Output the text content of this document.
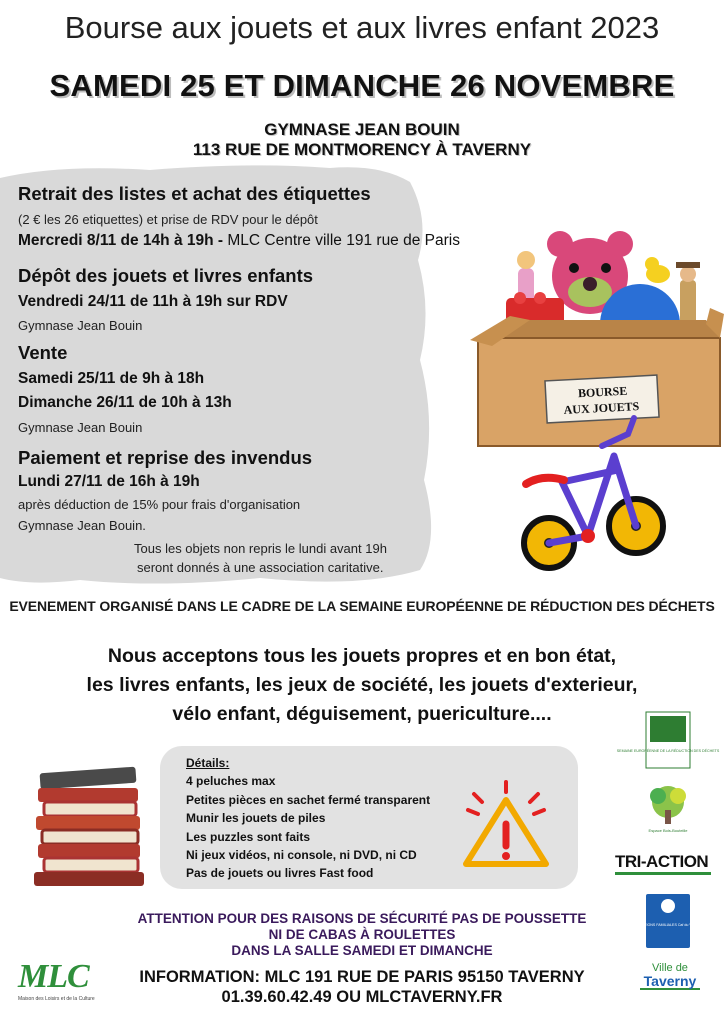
Bourse aux jouets et aux livres enfant 2023
SAMEDI 25 ET DIMANCHE 26 NOVEMBRE
GYMNASE JEAN BOUIN
113 RUE DE MONTMORENCY À TAVERNY
Retrait des listes et achat des étiquettes
(2 € les 26 etiquettes) et prise de RDV pour le dépôt
Mercredi 8/11 de 14h à 19h - MLC Centre ville 191 rue de Paris
Dépôt des jouets et livres enfants
Vendredi 24/11 de 11h à 19h sur RDV
Gymnase Jean Bouin
Vente
Samedi 25/11 de 9h à 18h
Dimanche 26/11 de 10h à 13h
Gymnase Jean Bouin
Paiement et reprise des invendus
Lundi 27/11 de 16h à 19h
après déduction de 15% pour frais d'organisation
Gymnase Jean Bouin.
Tous les objets non repris le lundi avant 19h
seront donnés à une association caritative.
BOURSE
AUX JOUETS
EVENEMENT ORGANISÉ DANS LE CADRE DE LA SEMAINE EUROPÉENNE DE RÉDUCTION DES DÉCHETS
Nous acceptons tous les jouets propres et en bon état,
les livres enfants, les jeux de société, les jouets d'exterieur,
vélo enfant, déguisement, puericulture....
Détails:
4 peluches max
Petites pièces en sachet fermé transparent
Munir les jouets de piles
Les puzzles sont faits
Ni jeux vidéos, ni console, ni DVD, ni CD
Pas de jouets ou livres Fast food
SEMAINE EUROPÉENNE DE LA RÉDUCTION DES DÉCHETS
Espace Bois-Bouteille
TRI-ACTION
ALLOCATIONS FAMILIALES Caf du Val-d'Oise
Ville de
Taverny
ATTENTION POUR DES RAISONS DE SÉCURITÉ PAS DE POUSSETTE
NI DE CABAS À ROULETTES
DANS LA SALLE SAMEDI ET DIMANCHE
MLC
Maison des Loisirs et de la Culture
INFORMATION: MLC 191 RUE DE PARIS 95150 TAVERNY
01.39.60.42.49 OU MLCTAVERNY.FR
